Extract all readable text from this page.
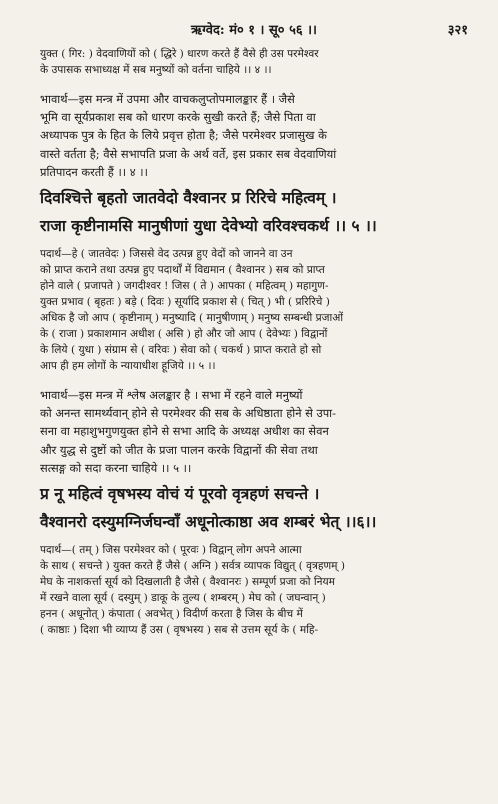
ऋग्वेद: मं० १ । सू० ५६ ।।	३२१

युक्त ( गिर: ) वेदवाणियों को ( द्धिरे ) धारण करते हैं वैसे ही उस परमेश्वर

के उपासक सभाध्यक्ष में सब मनुष्यों को वर्तना चाहिये ।। ४ ।।

भावार्थ—इस मन्त्र में उपमा और वाचकलुप्तोपमालङ्कार हैं । जैसे

भूमि वा सूर्यप्रकाश सब को धारण करके सुखी करते हैं; जैसे पिता वा

अध्यापक पुत्र के हित के लिये प्रवृत्त होता है; जैसे परमेश्वर प्रजासुख के

वास्ते वर्तता है; वैसे सभापति प्रजा के अर्थ वर्ते, इस प्रकार सब वेदवाणियां

प्रतिपादन करती हैं ।। ४ ।।

दिवश्चित्ते बृहतो जातवेदो वैश्वानर प्र रिरिचे महित्वम् ।
राजा कृष्टीनामसि मानुषीणां युधा देवेभ्यो वरिवश्चकर्थ ।। ५ ।।

पदार्थ—हे ( जातवेदः ) जिससे वेद उत्पन्न हुए वेदों को जानने वा उन

को प्राप्त कराने तथा उत्पन्न हुए पदार्थों में विद्यमान ( वैश्वानर ) सब को प्राप्त

होने वाले ( प्रजापते ) जगदीश्वर ! जिस ( ते ) आपका ( महित्वम् ) महागुण-

युक्त प्रभाव ( बृहतः ) बड़े ( दिवः ) सूर्यादि प्रकाश से ( चित् ) भी ( प्ररिरिचे )

अधिक है जो आप ( कृष्टीनाम् ) मनुष्यादि ( मानुषीणाम् ) मनुष्य सम्बन्धी प्रजाओं

के ( राजा ) प्रकाशमान अधीश ( असि ) हो और जो आप ( देवेभ्यः ) विद्वानों

के लिये ( युधा ) संग्राम से ( वरिवः ) सेवा को ( चकर्थ ) प्राप्त कराते हो सो

आप ही हम लोगों के न्यायाधीश हूजिये ।। ५ ।।

भावार्थ—इस मन्त्र में श्लेष अलङ्कार है । सभा में रहने वाले मनुष्यों

को अनन्त सामर्थ्यवान् होने से परमेश्वर की सब के अधिष्ठाता होने से उपा-

सना वा महाशुभगुणयुक्त होने से सभा आदि के अध्यक्ष अधीश का सेवन

और युद्ध से दुष्टों को जीत के प्रजा पालन करके विद्वानों की सेवा तथा

सत्सङ्ग को सदा करना चाहिये ।। ५ ।।

प्र नू महित्वं वृषभस्य वोचं यं पूरवो वृत्रहणं सचन्ते ।
वैश्वानरो दस्युमग्निर्जघन्वाँ अधूनोत्काष्ठा अव शम्बरं भेत् ।।६।।

पदार्थ—( तम् ) जिस परमेश्वर को ( पूरवः ) विद्वान् लोग अपने आत्मा

के साथ ( सचन्ते ) युक्त करते हैं जैसे ( अग्नि ) सर्वत्र व्यापक विद्युत् ( वृत्रहणम् )

मेघ के नाशकर्त्ता सूर्य को दिखलाती है जैसे ( वैश्वानरः ) सम्पूर्ण प्रजा को नियम

में रखने वाला सूर्य ( दस्युम् ) डाकू के तुल्य ( शम्बरम् ) मेघ को ( जघन्वान् )

हनन ( अधूनोत् ) कंपाता ( अवभेत् ) विदीर्ण करता है जिस के बीच में

( काष्ठाः ) दिशा भी व्याप्य हैं उस ( वृषभस्य ) सब से उत्तम सूर्य के ( महि-
